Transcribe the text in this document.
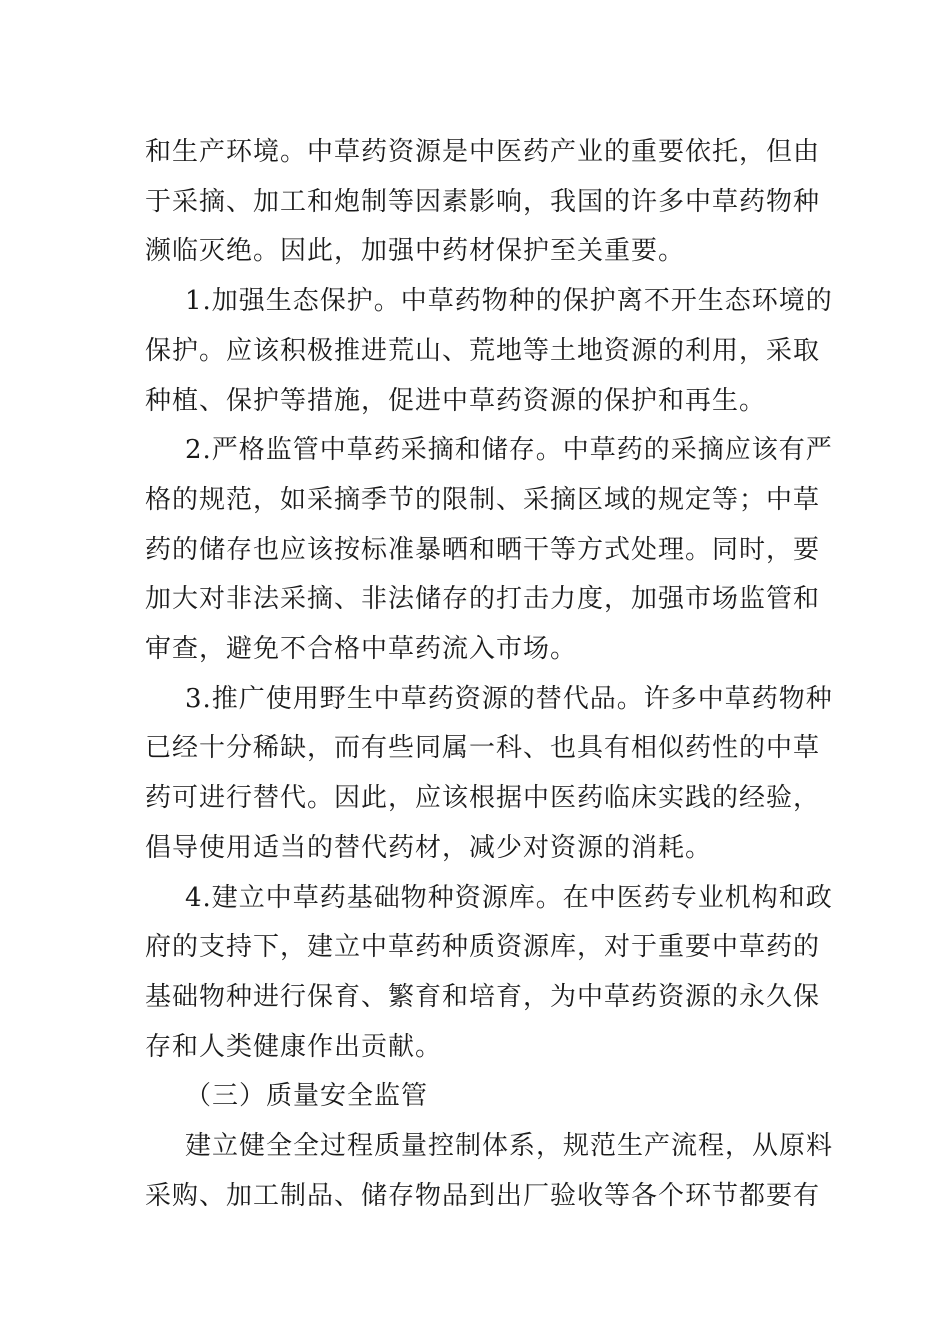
和生产环境。中草药资源是中医药产业的重要依托，但由
于采摘、加工和炮制等因素影响，我国的许多中草药物种
濒临灭绝。因此，加强中药材保护至关重要。
1.加强生态保护。中草药物种的保护离不开生态环境的
保护。应该积极推进荒山、荒地等土地资源的利用，采取
种植、保护等措施，促进中草药资源的保护和再生。
2.严格监管中草药采摘和储存。中草药的采摘应该有严
格的规范，如采摘季节的限制、采摘区域的规定等；中草
药的储存也应该按标准暴晒和晒干等方式处理。同时，要
加大对非法采摘、非法储存的打击力度，加强市场监管和
审查，避免不合格中草药流入市场。
3.推广使用野生中草药资源的替代品。许多中草药物种
已经十分稀缺，而有些同属一科、也具有相似药性的中草
药可进行替代。因此，应该根据中医药临床实践的经验，
倡导使用适当的替代药材，减少对资源的消耗。
4.建立中草药基础物种资源库。在中医药专业机构和政
府的支持下，建立中草药种质资源库，对于重要中草药的
基础物种进行保育、繁育和培育，为中草药资源的永久保
存和人类健康作出贡献。
（三）质量安全监管
建立健全全过程质量控制体系，规范生产流程，从原料
采购、加工制品、储存物品到出厂验收等各个环节都要有
